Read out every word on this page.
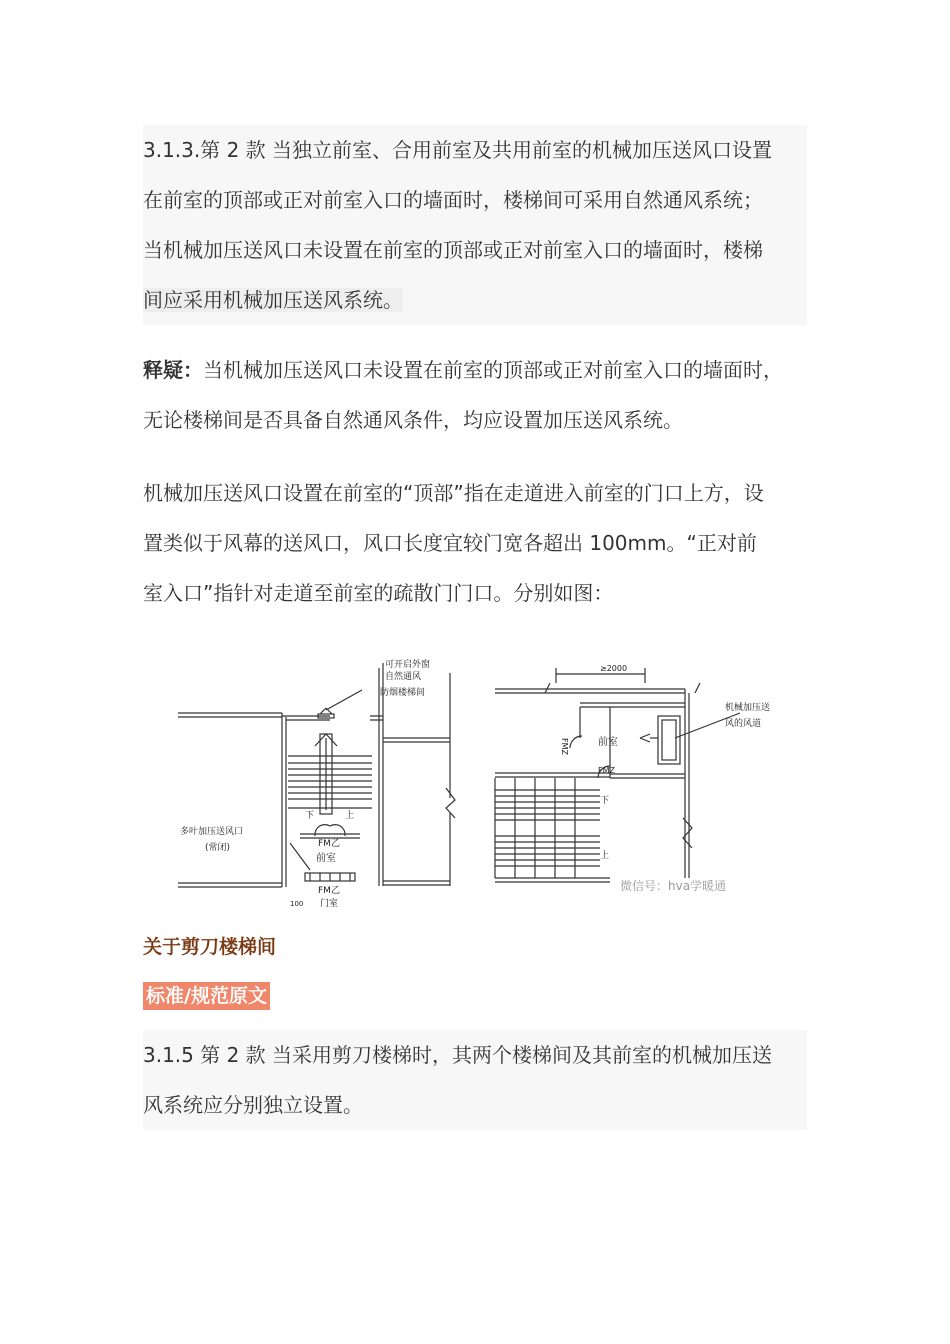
3.1.3.第 2 款 当独立前室、合用前室及共用前室的机械加压送风口设置
在前室的顶部或正对前室入口的墙面时，楼梯间可采用自然通风系统；
当机械加压送风口未设置在前室的顶部或正对前室入口的墙面时，楼梯
间应采用机械加压送风系统。
释疑：当机械加压送风口未设置在前室的顶部或正对前室入口的墙面时，
无论楼梯间是否具备自然通风条件，均应设置加压送风系统。
机械加压送风口设置在前室的“顶部”指在走道进入前室的门口上方，设
置类似于风幕的送风口，风口长度宜较门宽各超出 100mm。“正对前
室入口”指针对走道至前室的疏散门门口。分别如图：
可开启外窗
自然通风
防烟楼梯间
下	上
多叶加压送风口
(常闭)	FM乙
前室
FM乙
门室
100
≥2000
机械加压送
风的风道
FMZ	前室
FMZ
下
上
微信号：hva学暖通
关于剪刀楼梯间
标准/规范原文
3.1.5 第 2 款 当采用剪刀楼梯时，其两个楼梯间及其前室的机械加压送
风系统应分别独立设置。
